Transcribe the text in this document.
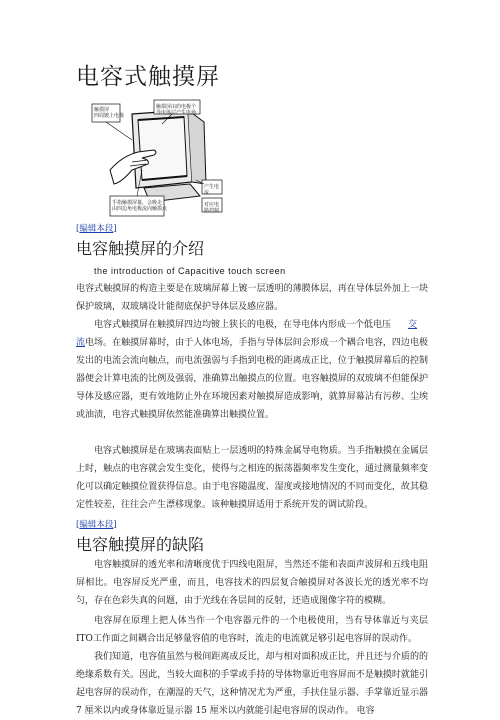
电容式触摸屏
触摸屏四周镀上电极
触摸屏由的电极个导电体层产生电场
手指触摸屏幕，会吸走由四边角电极流向触摸点
产生电流
对应电路控制
[编辑本段]
电容触摸屏的介绍
the introduction of Capacitive touch screen

电容式触摸屏的构造主要是在玻璃屏幕上镀一层透明的薄膜体层，再在导体层外加上一块保护玻璃，双玻璃设计能彻底保护导体层及感应器。

电容式触摸屏在触摸屏四边均镀上狭长的电极，在导电体内形成一个低电压	交

流电场。在触摸屏幕时，由于人体电场，手指与导体层间会形成一个耦合电容，四边电极发出的电流会流向触点，而电流强弱与手指到电极的距离成正比，位于触摸屏幕后的控制器便会计算电流的比例及强弱，准确算出触摸点的位置。电容触摸屏的双玻璃不但能保护导体及感应器，更有效地防止外在环境因素对触摸屏造成影响，就算屏幕沾有污秽、尘埃或油渍，电容式触摸屏依然能准确算出触摸位置。

电容式触摸屏是在玻璃表面贴上一层透明的特殊金属导电物质。当手指触摸在金属层上时，触点的电容就会发生变化，使得与之相连的振荡器频率发生变化，通过测量频率变化可以确定触摸位置获得信息。由于电容随温度、湿度或接地情况的不同而变化，故其稳定性较差，往往会产生漂移现象。该种触摸屏适用于系统开发的调试阶段。

[编辑本段]
电容触摸屏的缺陷

电容触摸屏的透光率和清晰度优于四线电阻屏，当然还不能和表面声波屏和五线电阻屏相比。电容屏反光严重，而且，电容技术的四层复合触摸屏对各波长光的透光率不均匀，存在色彩失真的问题，由于光线在各层间的反射，还造成图像字符的模糊。

电容屏在原理上把人体当作一个电容器元件的一个电极使用，当有导体靠近与夹层ITO工作面之间耦合出足够量容值的电容时，流走的电流就足够引起电容屏的误动作。

我们知道，电容值虽然与极间距离成反比，却与相对面积成正比，并且还与介质的的绝缘系数有关。因此，当较大面积的手掌或手持的导体物靠近电容屏而不是触摸时就能引起电容屏的误动作，在潮湿的天气，这种情况尤为严重，手扶住显示器、手掌靠近显示器 7 厘米以内或身体靠近显示器 15 厘米以内就能引起电容屏的误动作。 电容
